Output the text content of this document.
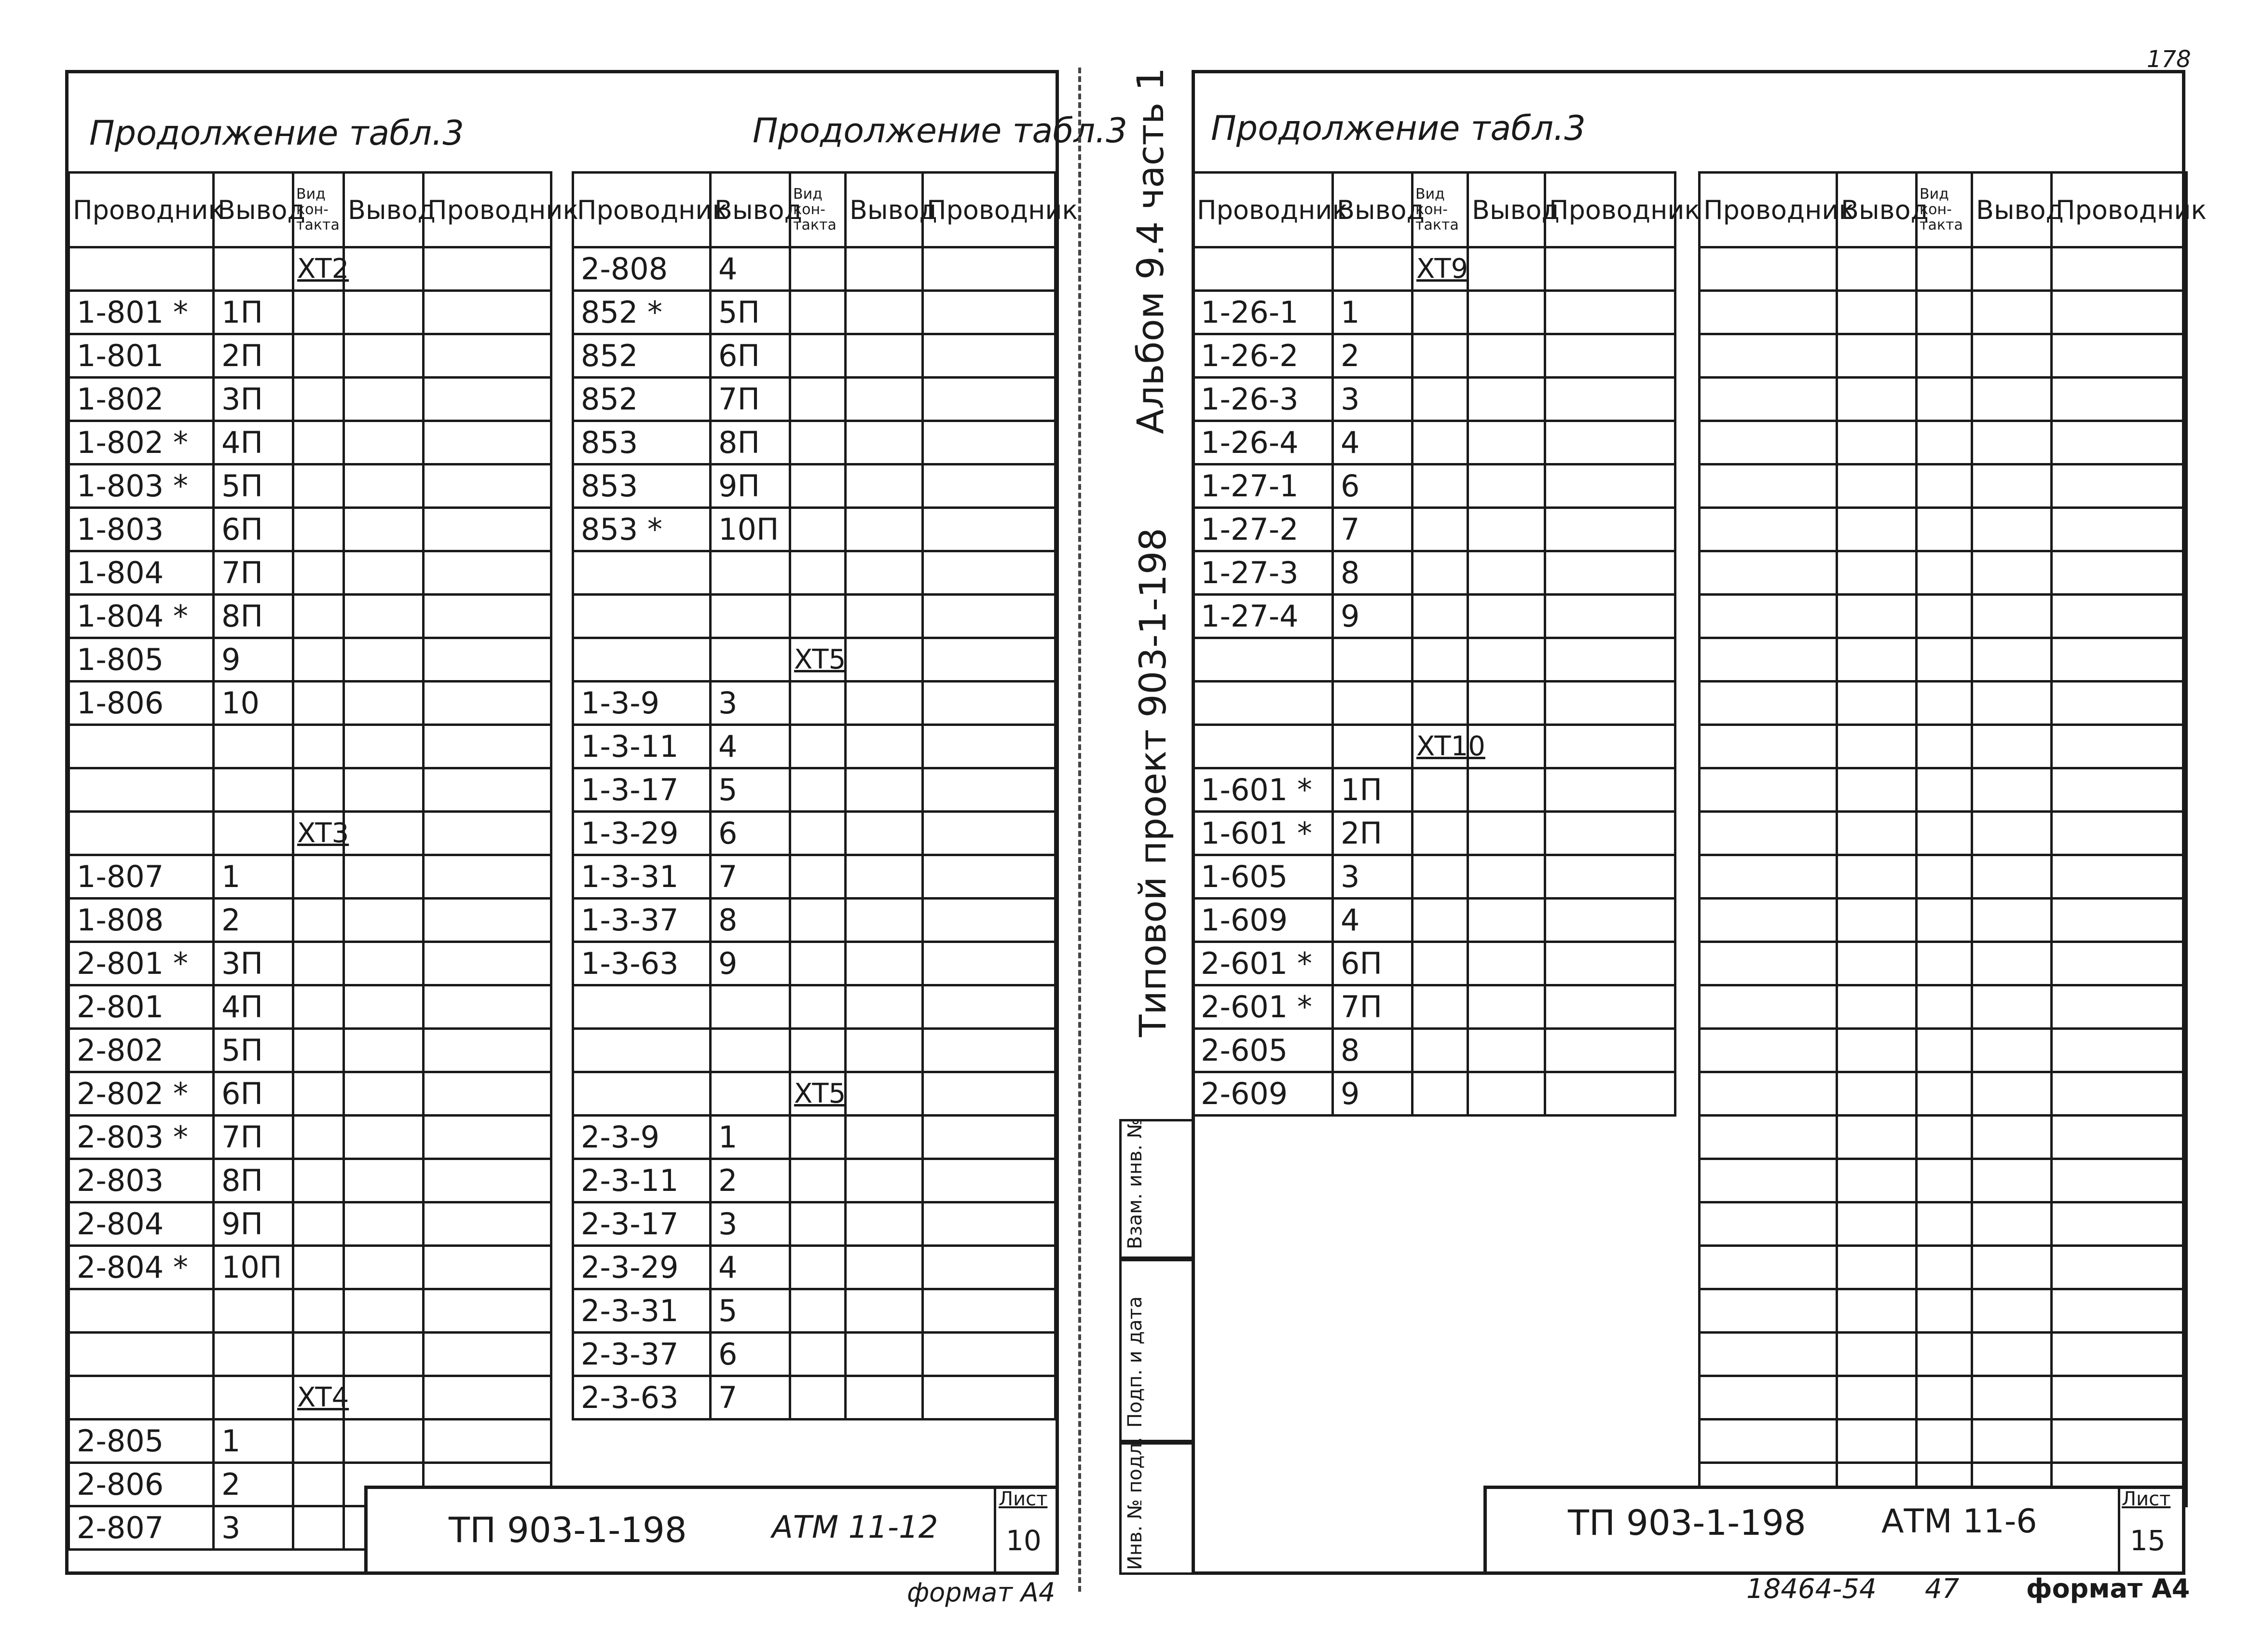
Продолжение табл.3	Продолжение табл.3
Проводник	Вывод	Вид кон- такта	Вывод	Проводник
		XT2		
1-801 *	1П			
1-801	2П			
1-802	3П			
1-802 *	4П			
1-803 *	5П			
1-803	6П			
1-804	7П			
1-804 *	8П			
1-805	9			
1-806	10			

		XT3		
1-807	1			
1-808	2			
2-801 *	3П			
2-801	4П			
2-802	5П			
2-802 *	6П			
2-803 *	7П			
2-803	8П			
2-804	9П			
2-804 *	10П			

		XT4		
2-805	1			
2-806	2			
2-807	3			
Проводник	Вывод	Вид кон- такта	Вывод	Проводник
2-808	4			
852 *	5П			
852	6П			
852	7П			
853	8П			
853	9П			
853 *	10П			

		XT5		
1-3-9	3			
1-3-11	4			
1-3-17	5			
1-3-29	6			
1-3-31	7			
1-3-37	8			
1-3-63	9			

		XT5		
2-3-9	1			
2-3-11	2			
2-3-17	3			
2-3-29	4			
2-3-31	5			
2-3-37	6			
2-3-63	7			
ТП 903-1-198	АТМ 11-12
Лист
10
формат А4
Продолжение табл.3
Проводник	Вывод	Вид кон- такта	Вывод	Проводник
		XT9		
1-26-1	1			
1-26-2	2			
1-26-3	3			
1-26-4	4			
1-27-1	6			
1-27-2	7			
1-27-3	8			
1-27-4	9			

		XT10		
1-601 *	1П			
1-601 *	2П			
1-605	3			
1-609	4			
2-601 *	6П			
2-601 *	7П			
2-605	8			
2-609	9			
Проводник	Вывод	Вид кон- такта	Вывод	Проводник

Альбом 9.4 часть 1
Типовой проект 903-1-198
Взам. инв. №
Подп. и дата
Инв. № подл.	ТП 903-1-198 АТМ 11-6
Лист
15
формат А4
18464-54 47
178
